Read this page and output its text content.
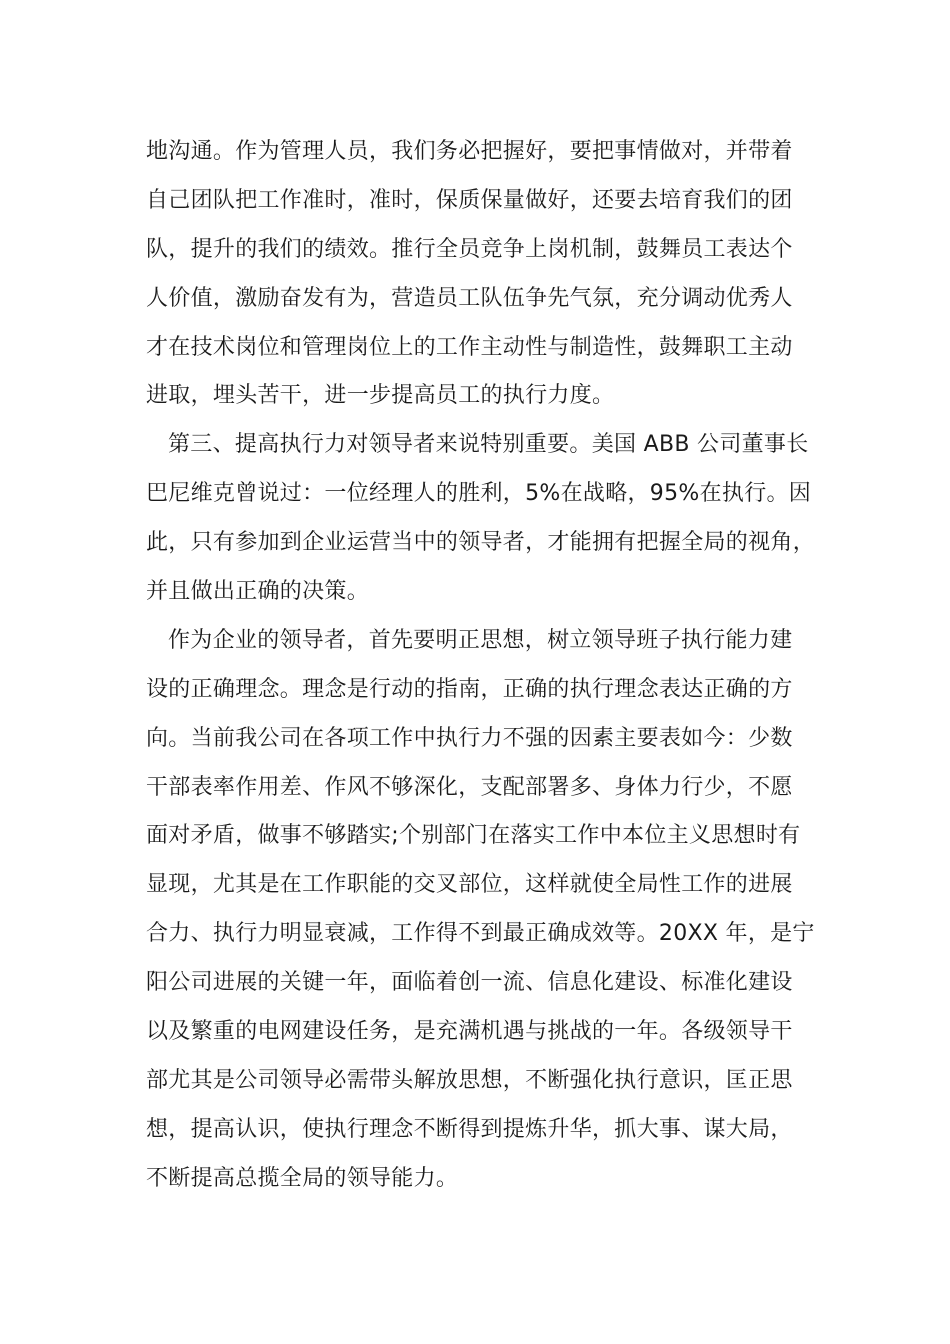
地沟通。作为管理人员，我们务必把握好，要把事情做对，并带着
自己团队把工作准时，准时，保质保量做好，还要去培育我们的团
队，提升的我们的绩效。推行全员竞争上岗机制，鼓舞员工表达个
人价值，激励奋发有为，营造员工队伍争先气氛，充分调动优秀人
才在技术岗位和管理岗位上的工作主动性与制造性，鼓舞职工主动
进取，埋头苦干，进一步提高员工的执行力度。
第三、提高执行力对领导者来说特别重要。美国 ABB 公司董事长
巴尼维克曾说过：一位经理人的胜利，5%在战略，95%在执行。因
此，只有参加到企业运营当中的领导者，才能拥有把握全局的视角，
并且做出正确的决策。
作为企业的领导者，首先要明正思想，树立领导班子执行能力建
设的正确理念。理念是行动的指南，正确的执行理念表达正确的方
向。当前我公司在各项工作中执行力不强的因素主要表如今：少数
干部表率作用差、作风不够深化，支配部署多、身体力行少，不愿
面对矛盾，做事不够踏实;个别部门在落实工作中本位主义思想时有
显现，尤其是在工作职能的交叉部位，这样就使全局性工作的进展
合力、执行力明显衰减，工作得不到最正确成效等。20XX 年，是宁
阳公司进展的关键一年，面临着创一流、信息化建设、标准化建设
以及繁重的电网建设任务，是充满机遇与挑战的一年。各级领导干
部尤其是公司领导必需带头解放思想，不断强化执行意识，匡正思
想，提高认识，使执行理念不断得到提炼升华，抓大事、谋大局，
不断提高总揽全局的领导能力。
